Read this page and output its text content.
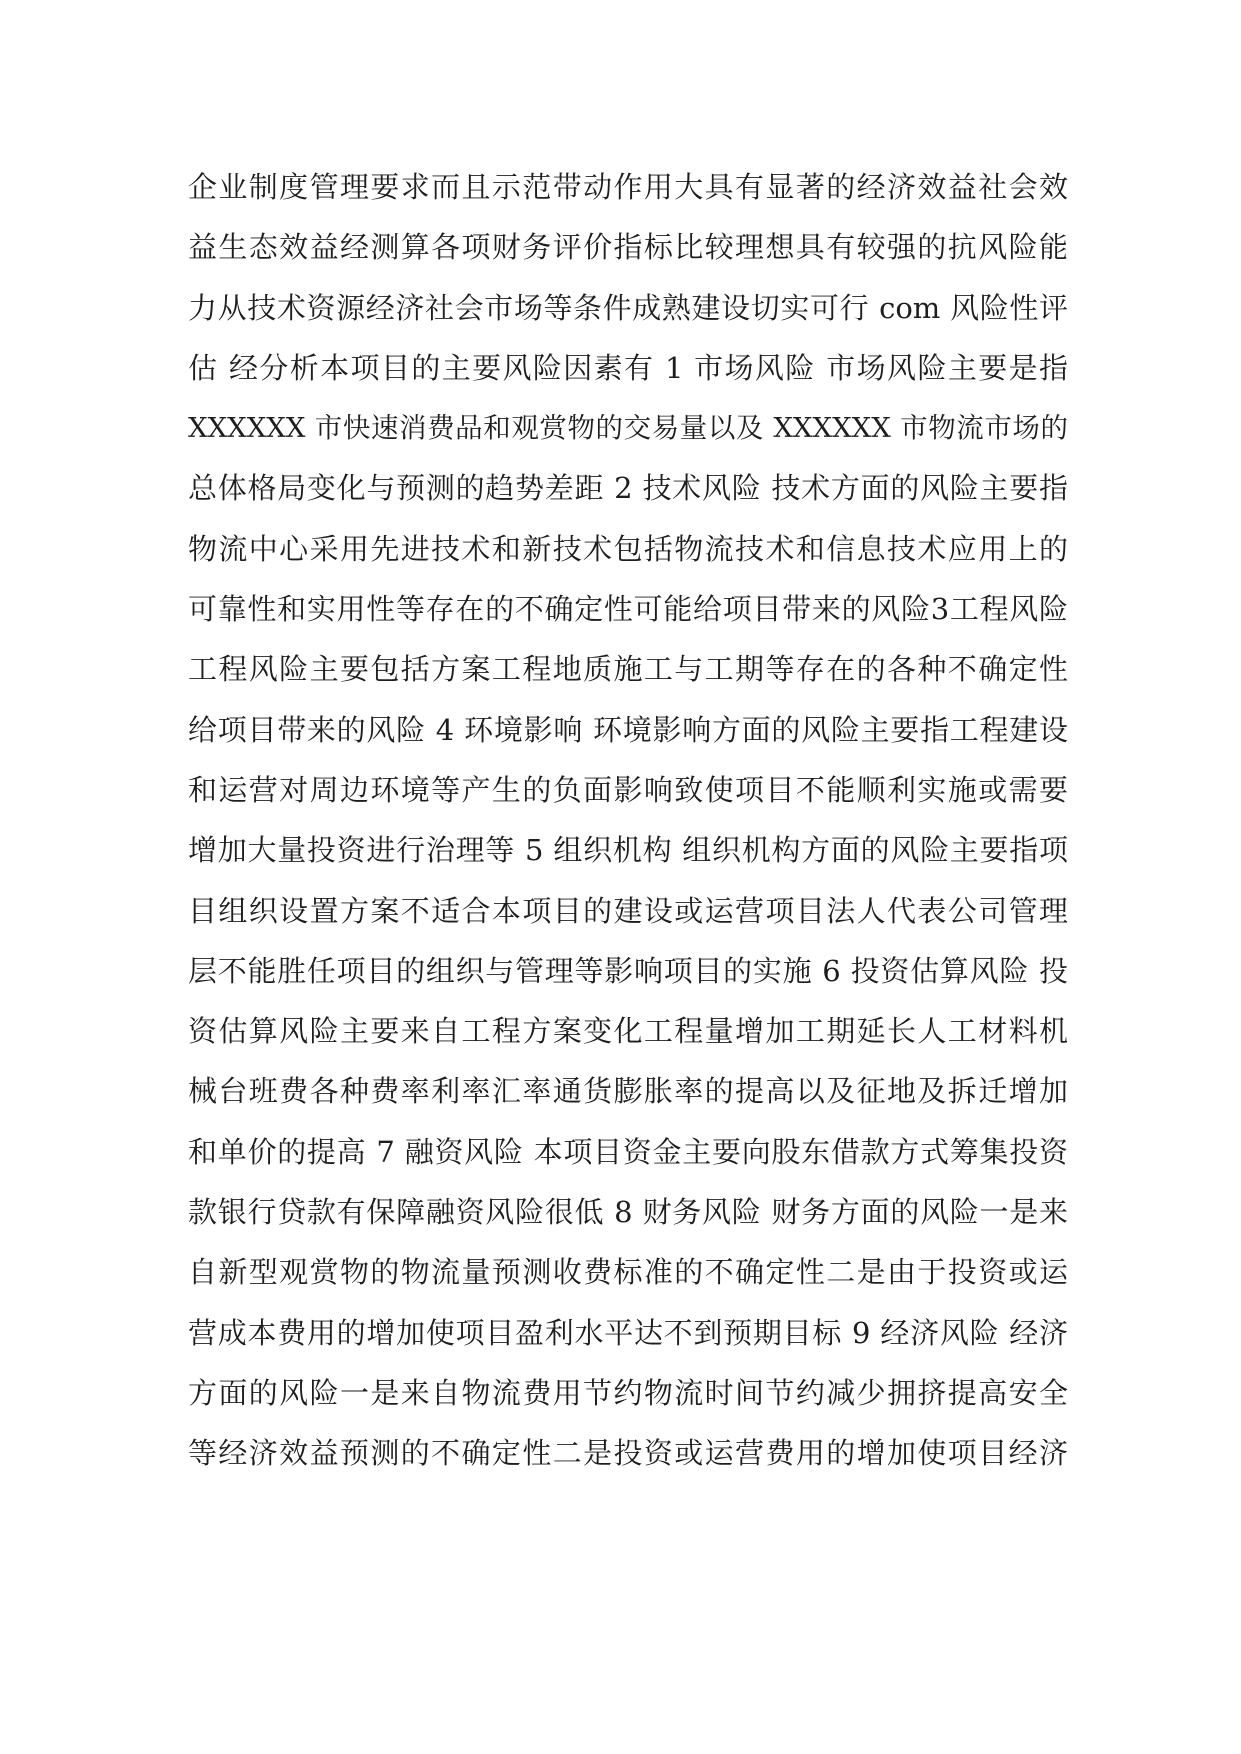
企业制度管理要求而且示范带动作用大具有显著的经济效益社会效
益生态效益经测算各项财务评价指标比较理想具有较强的抗风险能
力从技术资源经济社会市场等条件成熟建设切实可行 com 风险性评
估 经分析本项目的主要风险因素有 1 市场风险 市场风险主要是指
XXXXXX 市快速消费品和观赏物的交易量以及 XXXXXX 市物流市场的
总体格局变化与预测的趋势差距 2 技术风险 技术方面的风险主要指
物流中心采用先进技术和新技术包括物流技术和信息技术应用上的
可靠性和实用性等存在的不确定性可能给项目带来的风险3工程风险
工程风险主要包括方案工程地质施工与工期等存在的各种不确定性
给项目带来的风险 4 环境影响 环境影响方面的风险主要指工程建设
和运营对周边环境等产生的负面影响致使项目不能顺利实施或需要
增加大量投资进行治理等 5 组织机构 组织机构方面的风险主要指项
目组织设置方案不适合本项目的建设或运营项目法人代表公司管理
层不能胜任项目的组织与管理等影响项目的实施 6 投资估算风险 投
资估算风险主要来自工程方案变化工程量增加工期延长人工材料机
械台班费各种费率利率汇率通货膨胀率的提高以及征地及拆迁增加
和单价的提高 7 融资风险 本项目资金主要向股东借款方式筹集投资
款银行贷款有保障融资风险很低 8 财务风险 财务方面的风险一是来
自新型观赏物的物流量预测收费标准的不确定性二是由于投资或运
营成本费用的增加使项目盈利水平达不到预期目标 9 经济风险 经济
方面的风险一是来自物流费用节约物流时间节约减少拥挤提高安全
等经济效益预测的不确定性二是投资或运营费用的增加使项目经济
